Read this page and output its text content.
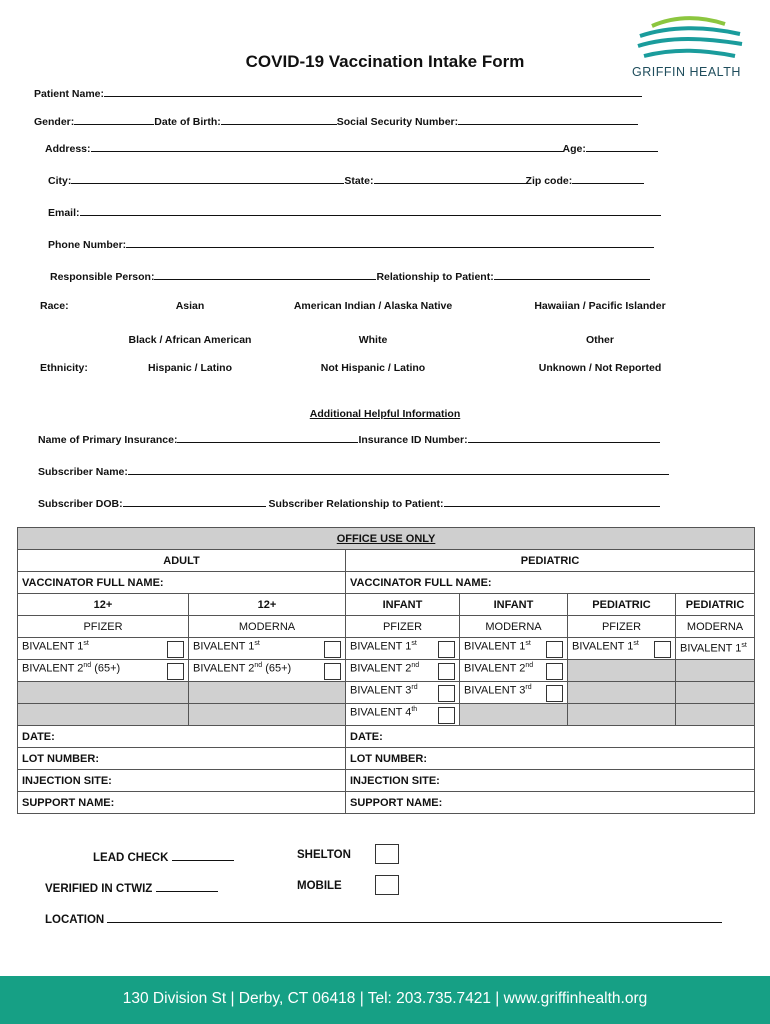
COVID-19 Vaccination Intake Form
GRIFFIN HEALTH
Patient Name:
Gender:	Date of Birth:	Social Security Number:
Address:	Age:
City:	State:	Zip code:
Email:
Phone Number:
Responsible Person:	Relationship to Patient:
Race:	Asian	American Indian / Alaska Native	Hawaiian / Pacific Islander
Black / African American	White	Other
Ethnicity:	Hispanic / Latino	Not Hispanic / Latino	Unknown / Not Reported
Additional Helpful Information
Name of Primary Insurance:	Insurance ID Number:
Subscriber Name:
Subscriber DOB:	Subscriber Relationship to Patient:
OFFICE USE ONLY					
ADULT		PEDIATRIC			
VACCINATOR FULL NAME:		VACCINATOR FULL NAME:			
12+	12+	INFANT	INFANT	PEDIATRIC	PEDIATRIC
PFIZER	MODERNA	PFIZER	MODERNA	PFIZER	MODERNA
BIVALENT 1st	BIVALENT 1st	BIVALENT 1st	BIVALENT 1st	BIVALENT 1st	BIVALENT 1st
BIVALENT 2nd (65+)	BIVALENT 2nd (65+)	BIVALENT 2nd	BIVALENT 2nd

		BIVALENT 3rd	BIVALENT 3rd

		BIVALENT 4th

DATE:		DATE:			
LOT NUMBER:		LOT NUMBER:			
INJECTION SITE:		INJECTION SITE:			
SUPPORT NAME:		SUPPORT NAME:			
LEAD CHECK
VERIFIED IN CTWIZ
SHELTON
MOBILE
LOCATION
130 Division St | Derby, CT 06418 | Tel: 203.735.7421 | www.griffinhealth.org
